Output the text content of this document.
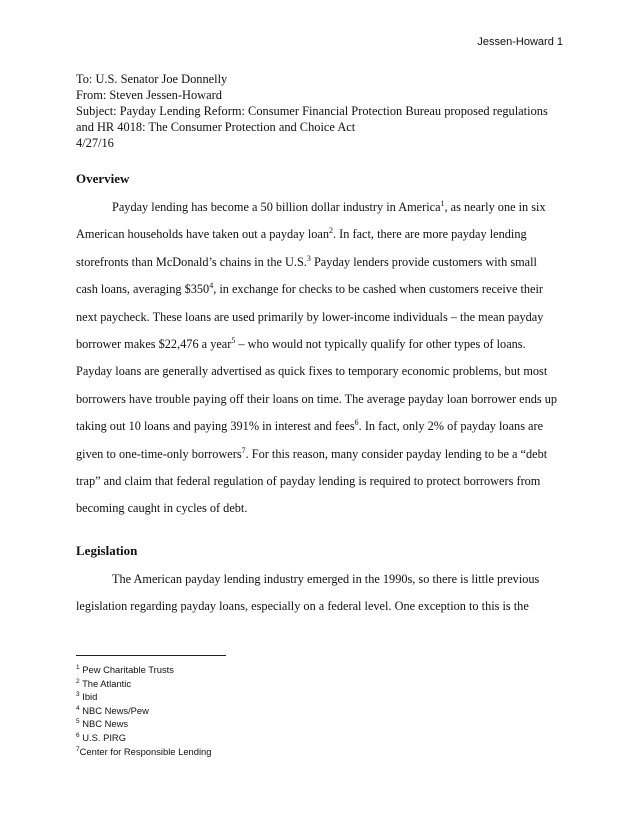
Jessen-Howard 1
To: U.S. Senator Joe Donnelly
From: Steven Jessen-Howard
Subject: Payday Lending Reform: Consumer Financial Protection Bureau proposed regulations and HR 4018: The Consumer Protection and Choice Act
4/27/16
Overview
Payday lending has become a 50 billion dollar industry in America$^1$, as nearly one in six American households have taken out a payday loan$^2$. In fact, there are more payday lending storefronts than McDonald’s chains in the U.S.$^3$ Payday lenders provide customers with small cash loans, averaging $\$350^4$, in exchange for checks to be cashed when customers receive their next paycheck. These loans are used primarily by lower-income individuals – the mean payday borrower makes $22,476 a year$^5$ – who would not typically qualify for other types of loans. Payday loans are generally advertised as quick fixes to temporary economic problems, but most borrowers have trouble paying off their loans on time. The average payday loan borrower ends up taking out 10 loans and paying 391% in interest and fees$^6$. In fact, only 2% of payday loans are given to one-time-only borrowers$^7$. For this reason, many consider payday lending to be a “debt trap” and claim that federal regulation of payday lending is required to protect borrowers from becoming caught in cycles of debt.
Legislation
The American payday lending industry emerged in the 1990s, so there is little previous legislation regarding payday loans, especially on a federal level. One exception to this is the
$^1$ Pew Charitable Trusts
$^2$ The Atlantic
$^3$ Ibid
$^4$ NBC News/Pew
$^5$ NBC News
$^6$ U.S. PIRG
$^7$Center for Responsible Lending
